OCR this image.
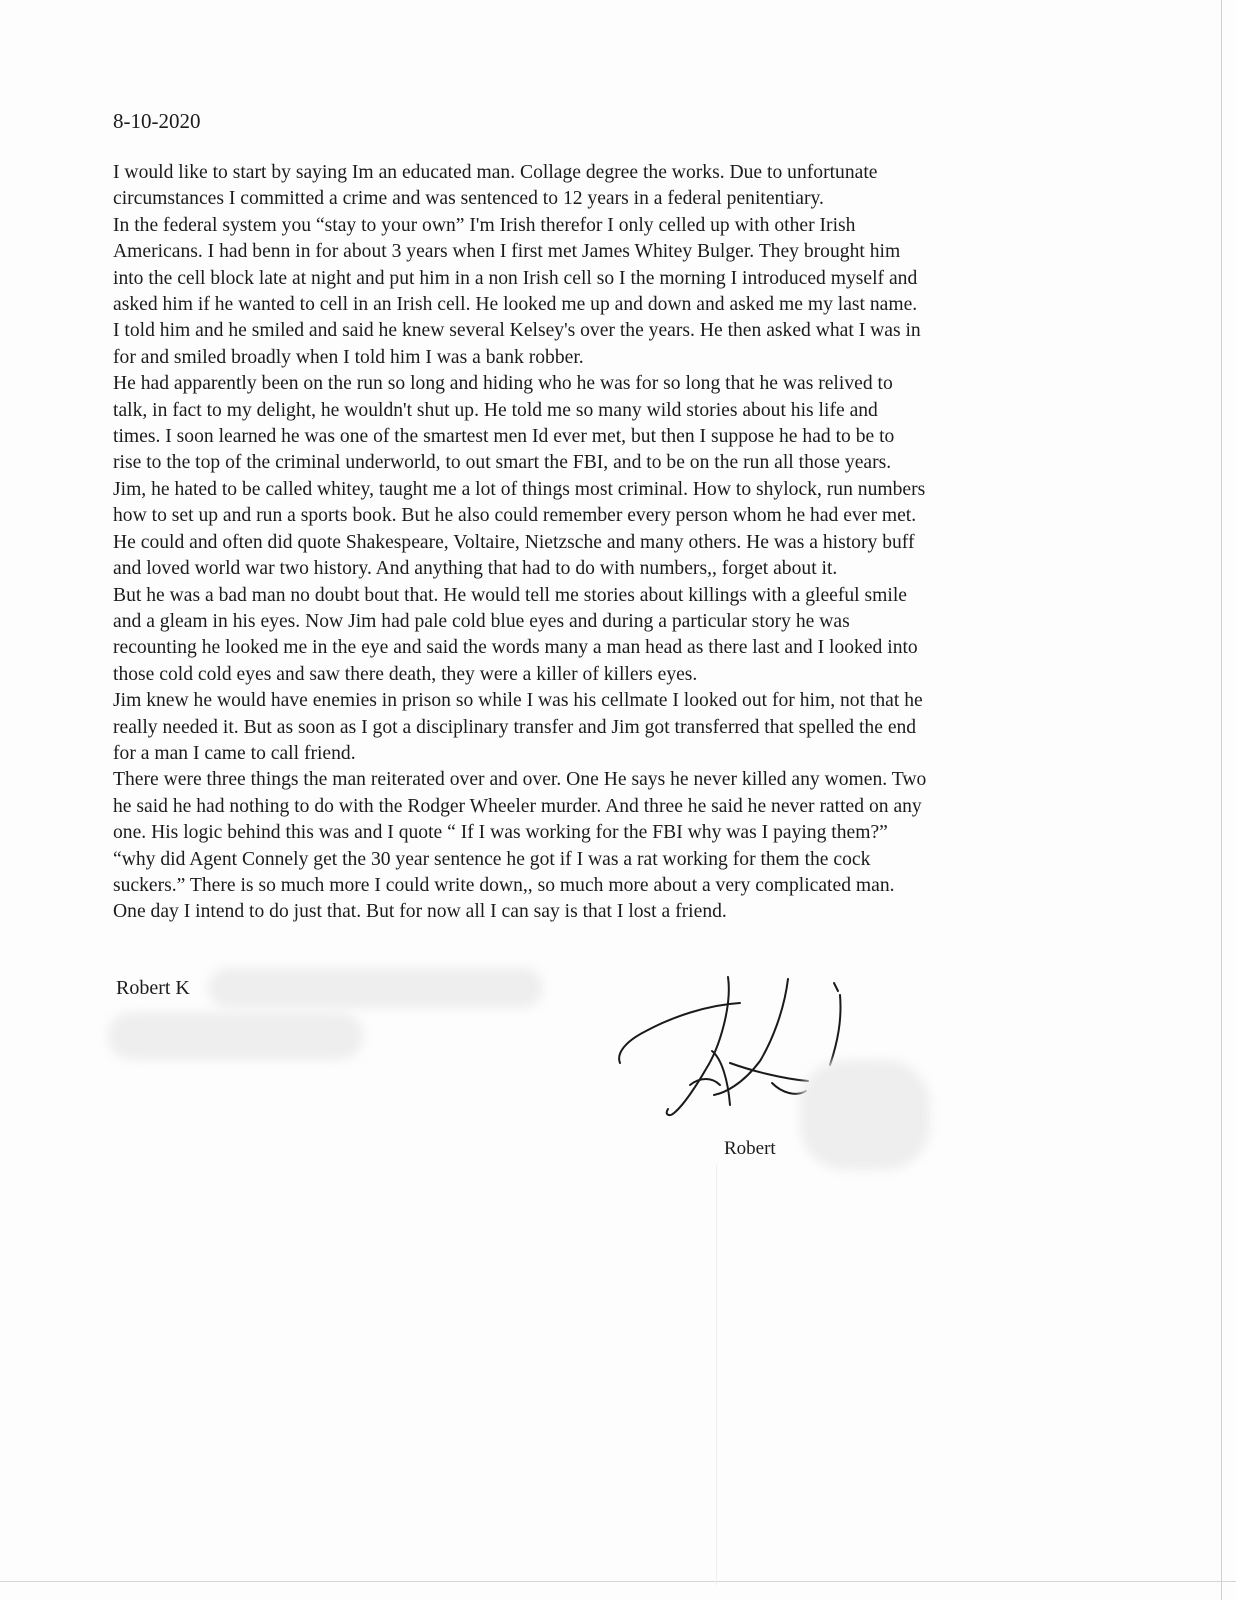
8-10-2020
I would like to start by saying Im an educated man. Collage degree the works. Due to unfortunate
circumstances I committed a crime and was sentenced to 12 years in a federal penitentiary.
In the federal system you “stay to your own” I'm Irish therefor I only celled up with other Irish
Americans. I had benn in for about 3 years when I first met James Whitey Bulger. They brought him
into the cell block late at night and put him in a non Irish cell so I the morning I introduced myself and
asked him if he wanted to cell in an Irish cell. He looked me up and down and asked me my last name.
I told him and he smiled and said he knew several Kelsey's over the years. He then asked what I was in
for and smiled broadly when I told him I was a bank robber.
He had apparently been on the run so long and hiding who he was for so long that he was relived to
talk, in fact to my delight, he wouldn't shut up. He told me so many wild stories about his life and
times. I soon learned he was one of the smartest men Id ever met, but then I suppose he had to be to
rise to the top of the criminal underworld, to out smart the FBI, and to be on the run all those years.
Jim, he hated to be called whitey, taught me a lot of things most criminal. How to shylock, run numbers
how to set up and run a sports book. But he also could remember every person whom he had ever met.
He could and often did quote Shakespeare, Voltaire, Nietzsche and many others. He was a history buff
and loved world war two history. And anything that had to do with numbers,, forget about it.
But he was a bad man no doubt bout that. He would tell me stories about killings with a gleeful smile
and a gleam in his eyes. Now Jim had pale cold blue eyes and during a particular story he was
recounting he looked me in the eye and said the words many a man head as there last and I looked into
those cold cold eyes and saw there death, they were a killer of killers eyes.
Jim knew he would have enemies in prison so while I was his cellmate I looked out for him, not that he
really needed it. But as soon as I got a disciplinary transfer and Jim got transferred that spelled the end
for a man I came to call friend.
There were three things the man reiterated over and over. One He says he never killed any women. Two
he said he had nothing to do with the Rodger Wheeler murder. And three he said he never ratted on any
one. His logic behind this was and I quote “ If I was working for the FBI why was I paying them?”
“why did Agent Connely get the 30 year sentence he got if I was a rat working for them the cock
suckers.” There is so much more I could write down,, so much more about a very complicated man.
One day I intend to do just that. But for now all I can say is that I lost a friend.
Robert K
Robert
